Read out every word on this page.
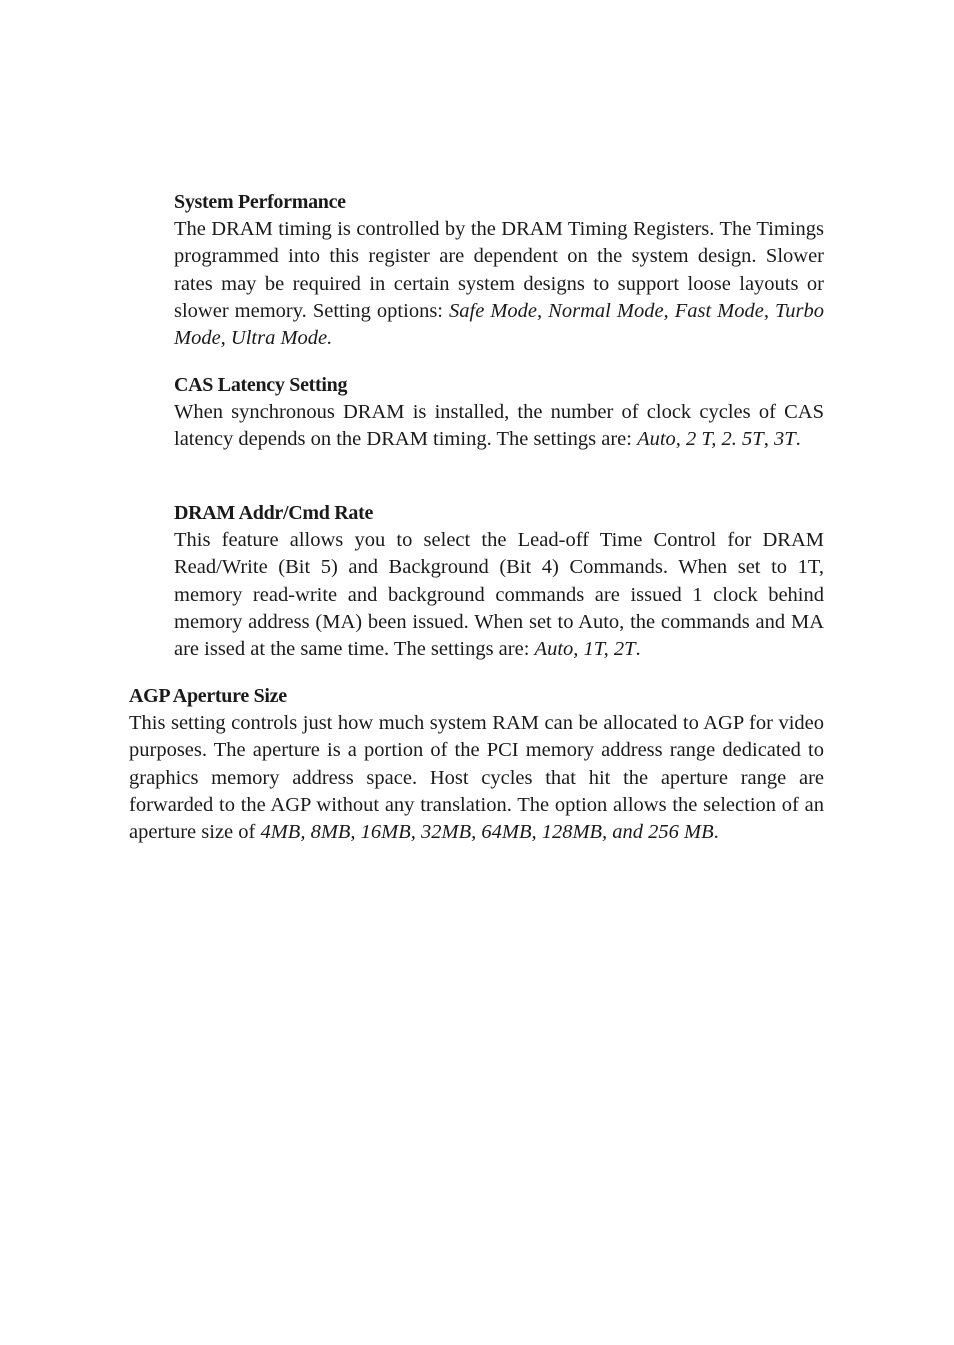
System Performance
The DRAM timing is controlled by the DRAM Timing Registers. The Timings programmed into this register are dependent on the system design. Slower rates may be required in certain system designs to support loose layouts or slower memory. Setting options: Safe Mode, Normal Mode, Fast Mode, Turbo Mode, Ultra Mode.
CAS Latency Setting
When synchronous DRAM is installed, the number of clock cycles of CAS latency depends on the DRAM timing. The settings are: Auto, 2 T, 2. 5T, 3T.
DRAM Addr/Cmd Rate
This feature allows you to select the Lead-off Time Control for DRAM Read/Write (Bit 5) and Background (Bit 4) Commands. When set to 1T, memory read-write and background commands are issued 1 clock behind memory address (MA) been issued. When set to Auto, the commands and MA are issed at the same time. The settings are: Auto, 1T, 2T.
AGP Aperture Size
This setting controls just how much system RAM can be allocated to AGP for video purposes. The aperture is a portion of the PCI memory address range dedicated to graphics memory address space. Host cycles that hit the aperture range are forwarded to the AGP without any translation. The option allows the selection of an aperture size of 4MB, 8MB, 16MB, 32MB, 64MB, 128MB, and 256 MB.
